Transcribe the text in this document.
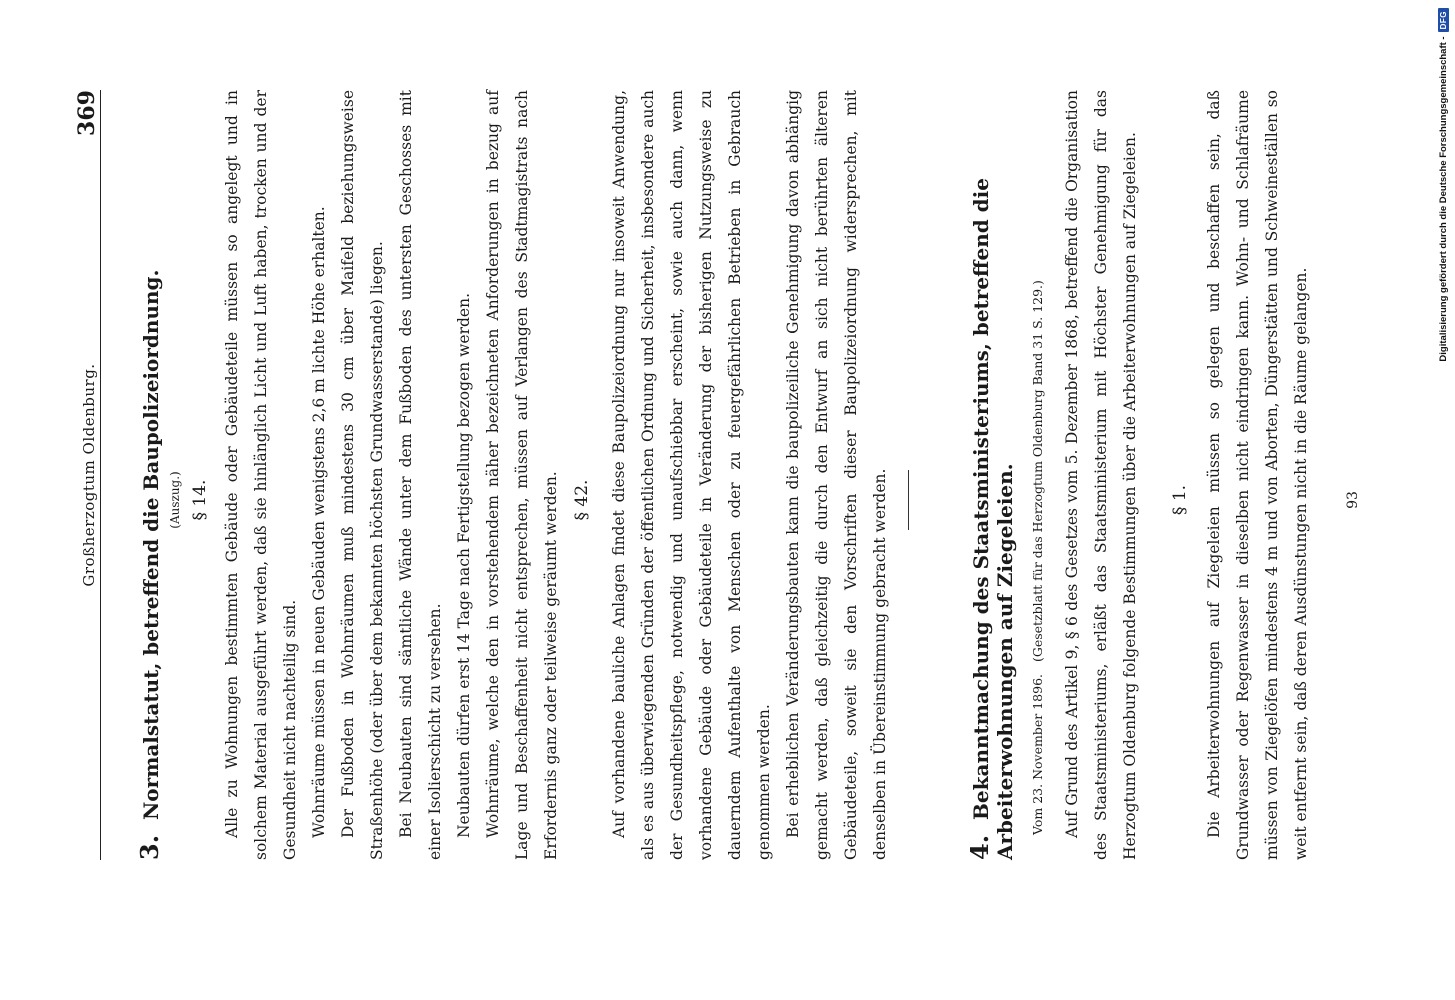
Großherzogtum Oldenburg.
369
3. Normalstatut, betreffend die Baupolizeiordnung. (Auszug.) § 14. Alle zu Wohnungen bestimmten Gebäude oder Gebäudeteile müssen so angelegt und in solchem Material ausgeführt werden, daß sie hinlänglich Licht und Luft haben, trocken und der Gesundheit nicht nachteilig sind. Wohnräume müssen in neuen Gebäuden wenigstens 2,6 m lichte Höhe erhalten. Der Fußboden in Wohnräumen muß mindestens 30 cm über Maifeld beziehungsweise Straßenhöhe (oder über dem bekannten höchsten Grundwasserstande) liegen. Bei Neubauten sind sämtliche Wände unter dem Fußboden des untersten Geschosses mit einer Isolierschicht zu versehen. Neubauten dürfen erst 14 Tage nach Fertigstellung bezogen werden. Wohnräume, welche den in vorstehendem näher bezeichneten Anforderungen in bezug auf Lage und Beschaffenheit nicht entsprechen, müssen auf Verlangen des Stadtmagistrats nach Erfordernis ganz oder teilweise geräumt werden. § 42.	Auf vorhandene bauliche Anlagen findet diese Baupolizeiordnung nur insoweit Anwendung, als es aus überwiegenden Gründen der öffentlichen Ordnung und Sicherheit, insbesondere auch der Gesundheitspflege, notwendig und unaufschiebbar erscheint, sowie auch dann, wenn vorhandene Gebäude oder Gebäudeteile in Veränderung der bisherigen Nutzungsweise zu dauerndem Aufenthalte von Menschen oder zu feuergefährlichen Betrieben in Gebrauch genommen werden. Bei erheblichen Veränderungsbauten kann die baupolizeiliche Genehmigung davon abhängig gemacht werden, daß gleichzeitig die durch den Entwurf an sich nicht berührten älteren Gebäudeteile, soweit sie den Vorschriften dieser Baupolizeiordnung widersprechen, mit denselben in Übereinstimmung gebracht werden.	4. Bekanntmachung des Staatsministeriums, betreffend die Arbeiterwohnungen auf Ziegeleien. Vom 23. November 1896. (Gesetzblatt für das Herzogtum Oldenburg Band 31 S. 129.)	Auf Grund des Artikel 9, § 6 des Gesetzes vom 5. Dezember 1868, betreffend die Organisation des Staatsministeriums, erläßt das Staatsministerium mit Höchster Genehmigung für das Herzogtum Oldenburg folgende Bestimmungen über die Arbeiterwohnungen auf Ziegeleien.	§ 1. Die Arbeiterwohnungen auf Ziegeleien müssen so gelegen und beschaffen sein, daß Grundwasser oder Regenwasser in dieselben nicht eindringen kann. Wohn- und Schlafräume müssen von Ziegelöfen mindestens 4 m und von Aborten, Düngerstätten und Schweineställen so weit entfernt sein, daß deren Ausdünstungen nicht in die Räume gelangen.	93
Digitalisierung gefördert durch die Deutsche Forschungsgemeinschaft -
DFG
